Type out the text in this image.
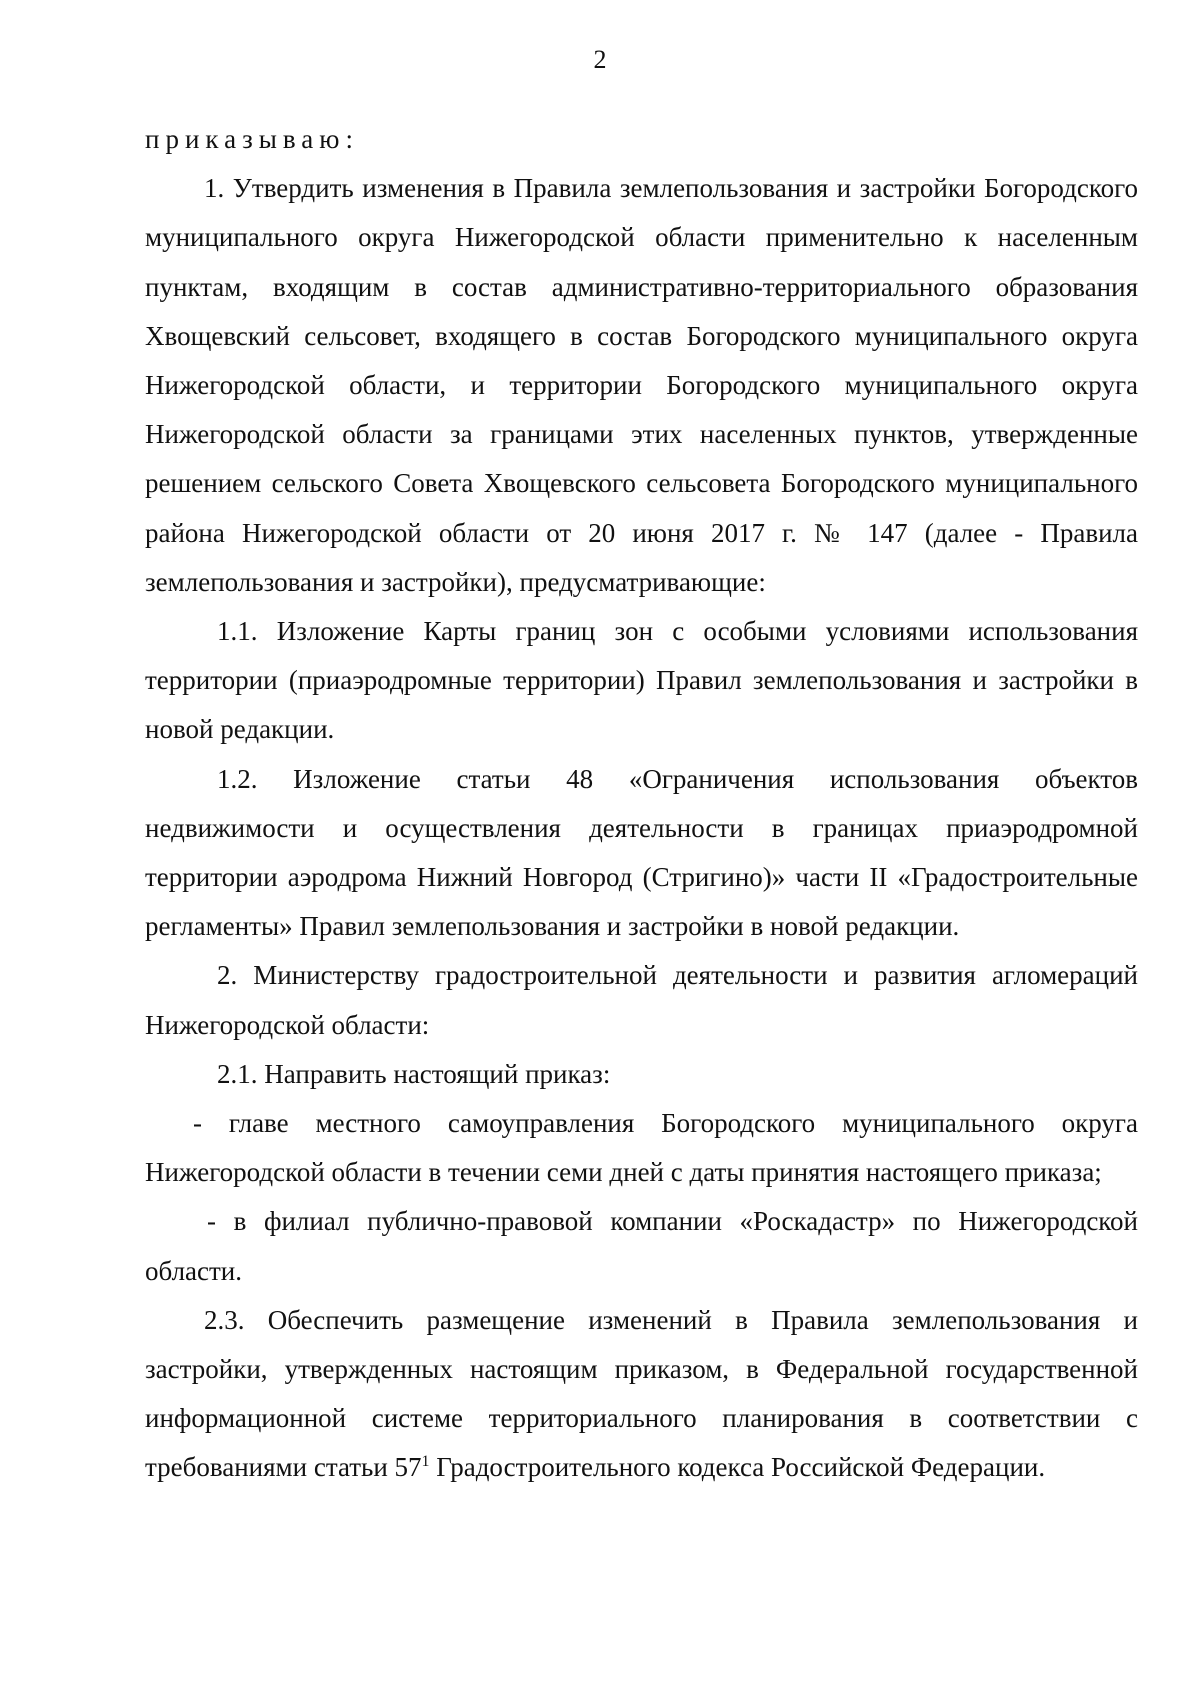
2

приказываю:

1. Утвердить изменения в Правила землепользования и застройки Богородского муниципального округа Нижегородской области применительно к населенным пунктам, входящим в состав административно-территориального образования Хвощевский сельсовет, входящего в состав Богородского муниципального округа Нижегородской области, и территории Богородского муниципального округа Нижегородской области за границами этих населенных пунктов, утвержденные решением сельского Совета Хвощевского сельсовета Богородского муниципального района Нижегородской области от 20 июня 2017 г. № 147 (далее - Правила землепользования и застройки), предусматривающие:

1.1. Изложение Карты границ зон с особыми условиями использования территории (приаэродромные территории) Правил землепользования и застройки в новой редакции.

1.2. Изложение статьи 48 «Ограничения использования объектов недвижимости и осуществления деятельности в границах приаэродромной территории аэродрома Нижний Новгород (Стригино)» части II «Градостроительные регламенты» Правил землепользования и застройки в новой редакции.

2. Министерству градостроительной деятельности и развития агломераций Нижегородской области:

2.1. Направить настоящий приказ:

- главе местного самоуправления Богородского муниципального округа Нижегородской области в течении семи дней с даты принятия настоящего приказа;

- в филиал публично-правовой компании «Роскадастр» по Нижегородской области.

2.3. Обеспечить размещение изменений в Правила землепользования и застройки, утвержденных настоящим приказом, в Федеральной государственной информационной системе территориального планирования в соответствии с требованиями статьи $57^1$ Градостроительного кодекса Российской Федерации.
